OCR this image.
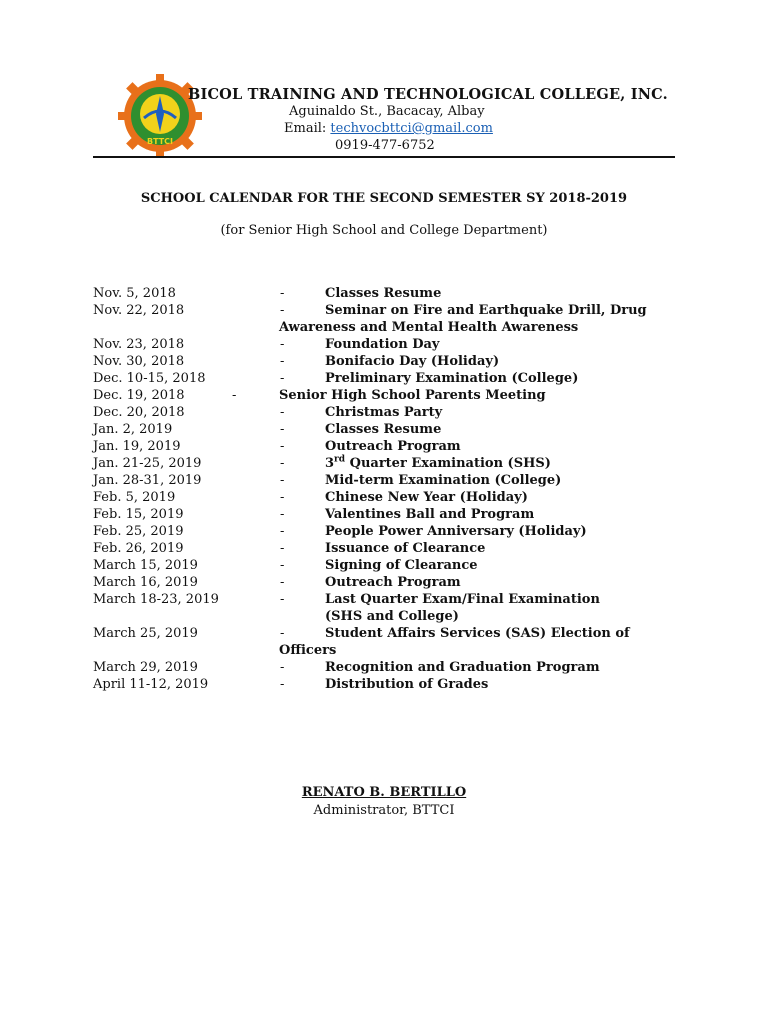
BTTCI
BICOL TRAINING AND TECHNOLOGICAL COLLEGE, INC.
Aguinaldo St., Bacacay, Albay
Email: techvocbttci@gmail.com
0919-477-6752
SCHOOL CALENDAR FOR THE SECOND SEMESTER SY 2018-2019
(for Senior High School and College Department)
Nov. 5, 2018	-	Classes Resume
Nov. 22, 2018	-	Seminar on Fire and Earthquake Drill, Drug
Awareness and Mental Health Awareness
Nov. 23, 2018	-	Foundation Day
Nov. 30, 2018	-	Bonifacio Day (Holiday)
Dec. 10-15, 2018	-	Preliminary Examination (College)
Dec. 19, 2018	-	Senior High School Parents Meeting
Dec. 20, 2018	-	Christmas Party
Jan. 2, 2019	-	Classes Resume
Jan. 19, 2019	-	Outreach Program
Jan. 21-25, 2019	-	3rd Quarter Examination (SHS)
Jan. 28-31, 2019	-	Mid-term Examination (College)
Feb. 5, 2019	-	Chinese New Year (Holiday)
Feb. 15, 2019	-	Valentines Ball and Program
Feb. 25, 2019	-	People Power Anniversary (Holiday)
Feb. 26, 2019	-	Issuance of Clearance
March 15, 2019	-	Signing of Clearance
March 16, 2019	-	Outreach Program
March 18-23, 2019	-	Last Quarter Exam/Final Examination
(SHS and College)
March 25, 2019	-	Student Affairs Services (SAS) Election of
Officers
March 29, 2019	-	Recognition and Graduation Program
April 11-12, 2019	-	Distribution of Grades
RENATO B. BERTILLO
Administrator, BTTCI
